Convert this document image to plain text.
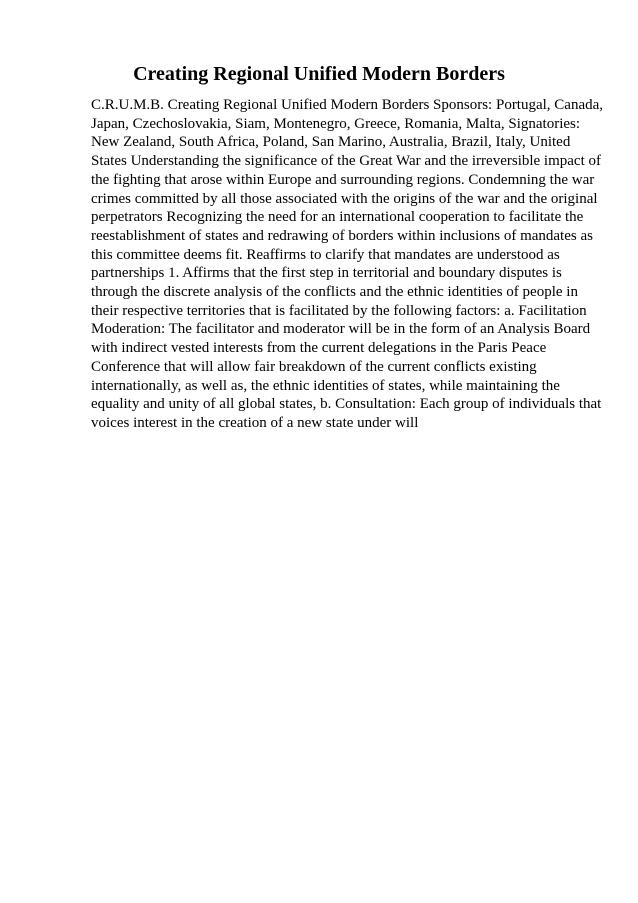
Creating Regional Unified Modern Borders

C.R.U.M.B. Creating Regional Unified Modern Borders Sponsors: Portugal, Canada,
Japan, Czechoslovakia, Siam, Montenegro, Greece, Romania, Malta, Signatories:
New Zealand, South Africa, Poland, San Marino, Australia, Brazil, Italy, United
States Understanding the significance of the Great War and the irreversible impact of
the fighting that arose within Europe and surrounding regions. Condemning the war
crimes committed by all those associated with the origins of the war and the original
perpetrators Recognizing the need for an international cooperation to facilitate the
reestablishment of states and redrawing of borders within inclusions of mandates as
this committee deems fit. Reaffirms to clarify that mandates are understood as
partnerships 1. Affirms that the first step in territorial and boundary disputes is
through the discrete analysis of the conflicts and the ethnic identities of people in
their respective territories that is facilitated by the following factors: a. Facilitation
Moderation: The facilitator and moderator will be in the form of an Analysis Board
with indirect vested interests from the current delegations in the Paris Peace
Conference that will allow fair breakdown of the current conflicts existing
internationally, as well as, the ethnic identities of states, while maintaining the
equality and unity of all global states, b. Consultation: Each group of individuals that
voices interest in the creation of a new state under will
